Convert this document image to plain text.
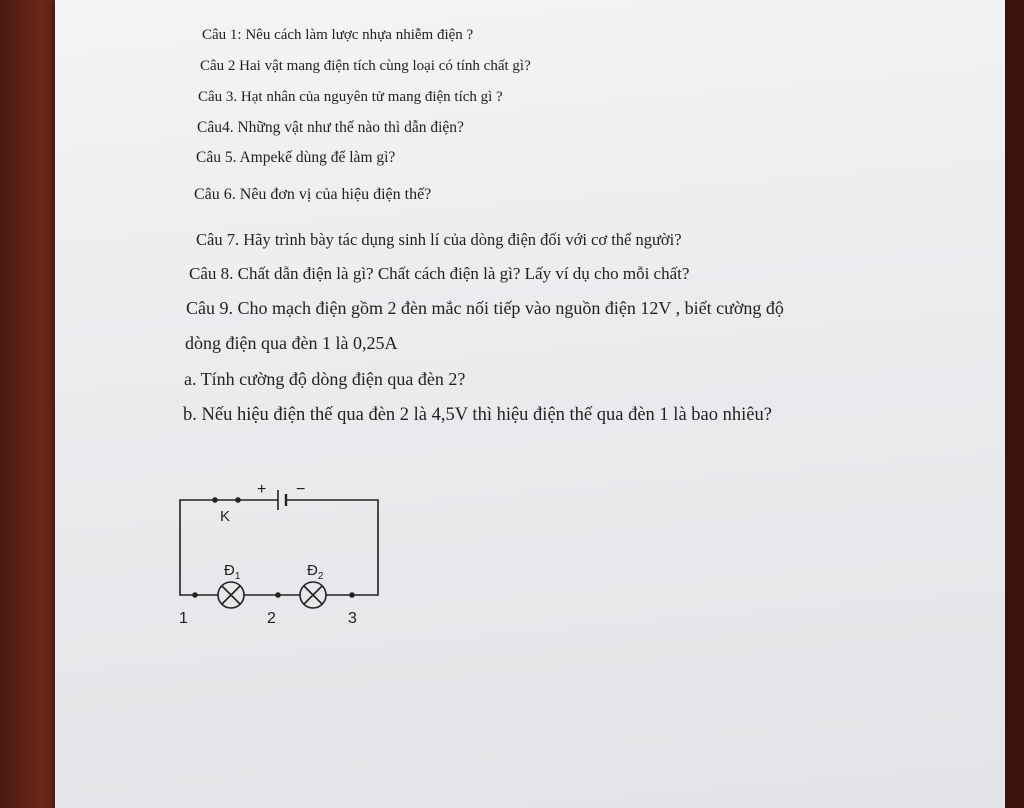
Câu 1: Nêu cách làm lược nhựa nhiễm điện ?

Câu 2 Hai vật mang điện tích cùng loại có tính chất gì?

Câu 3. Hạt nhân của nguyên tử mang điện tích gì ?

Câu4. Những vật như thế nào thì dẫn điện?

Câu 5. Ampekế dùng để làm gì?

Câu 6. Nêu đơn vị của hiệu điện thế?

Câu 7. Hãy trình bày tác dụng sinh lí của dòng điện đối với cơ thể người?

Câu 8. Chất dẫn điện là gì? Chất cách điện là gì? Lấy ví dụ cho mỗi chất?

Câu 9. Cho mạch điện gồm 2 đèn mắc nối tiếp vào nguồn điện 12V , biết cường độ

dòng điện qua đèn 1 là 0,25A

a. Tính cường độ dòng điện qua đèn 2?

b. Nếu hiệu điện thế qua đèn 2 là 4,5V thì hiệu điện thế qua đèn 1 là bao nhiêu?

+ −
K
$Đ_1$	$Đ_2$
1	2	3
